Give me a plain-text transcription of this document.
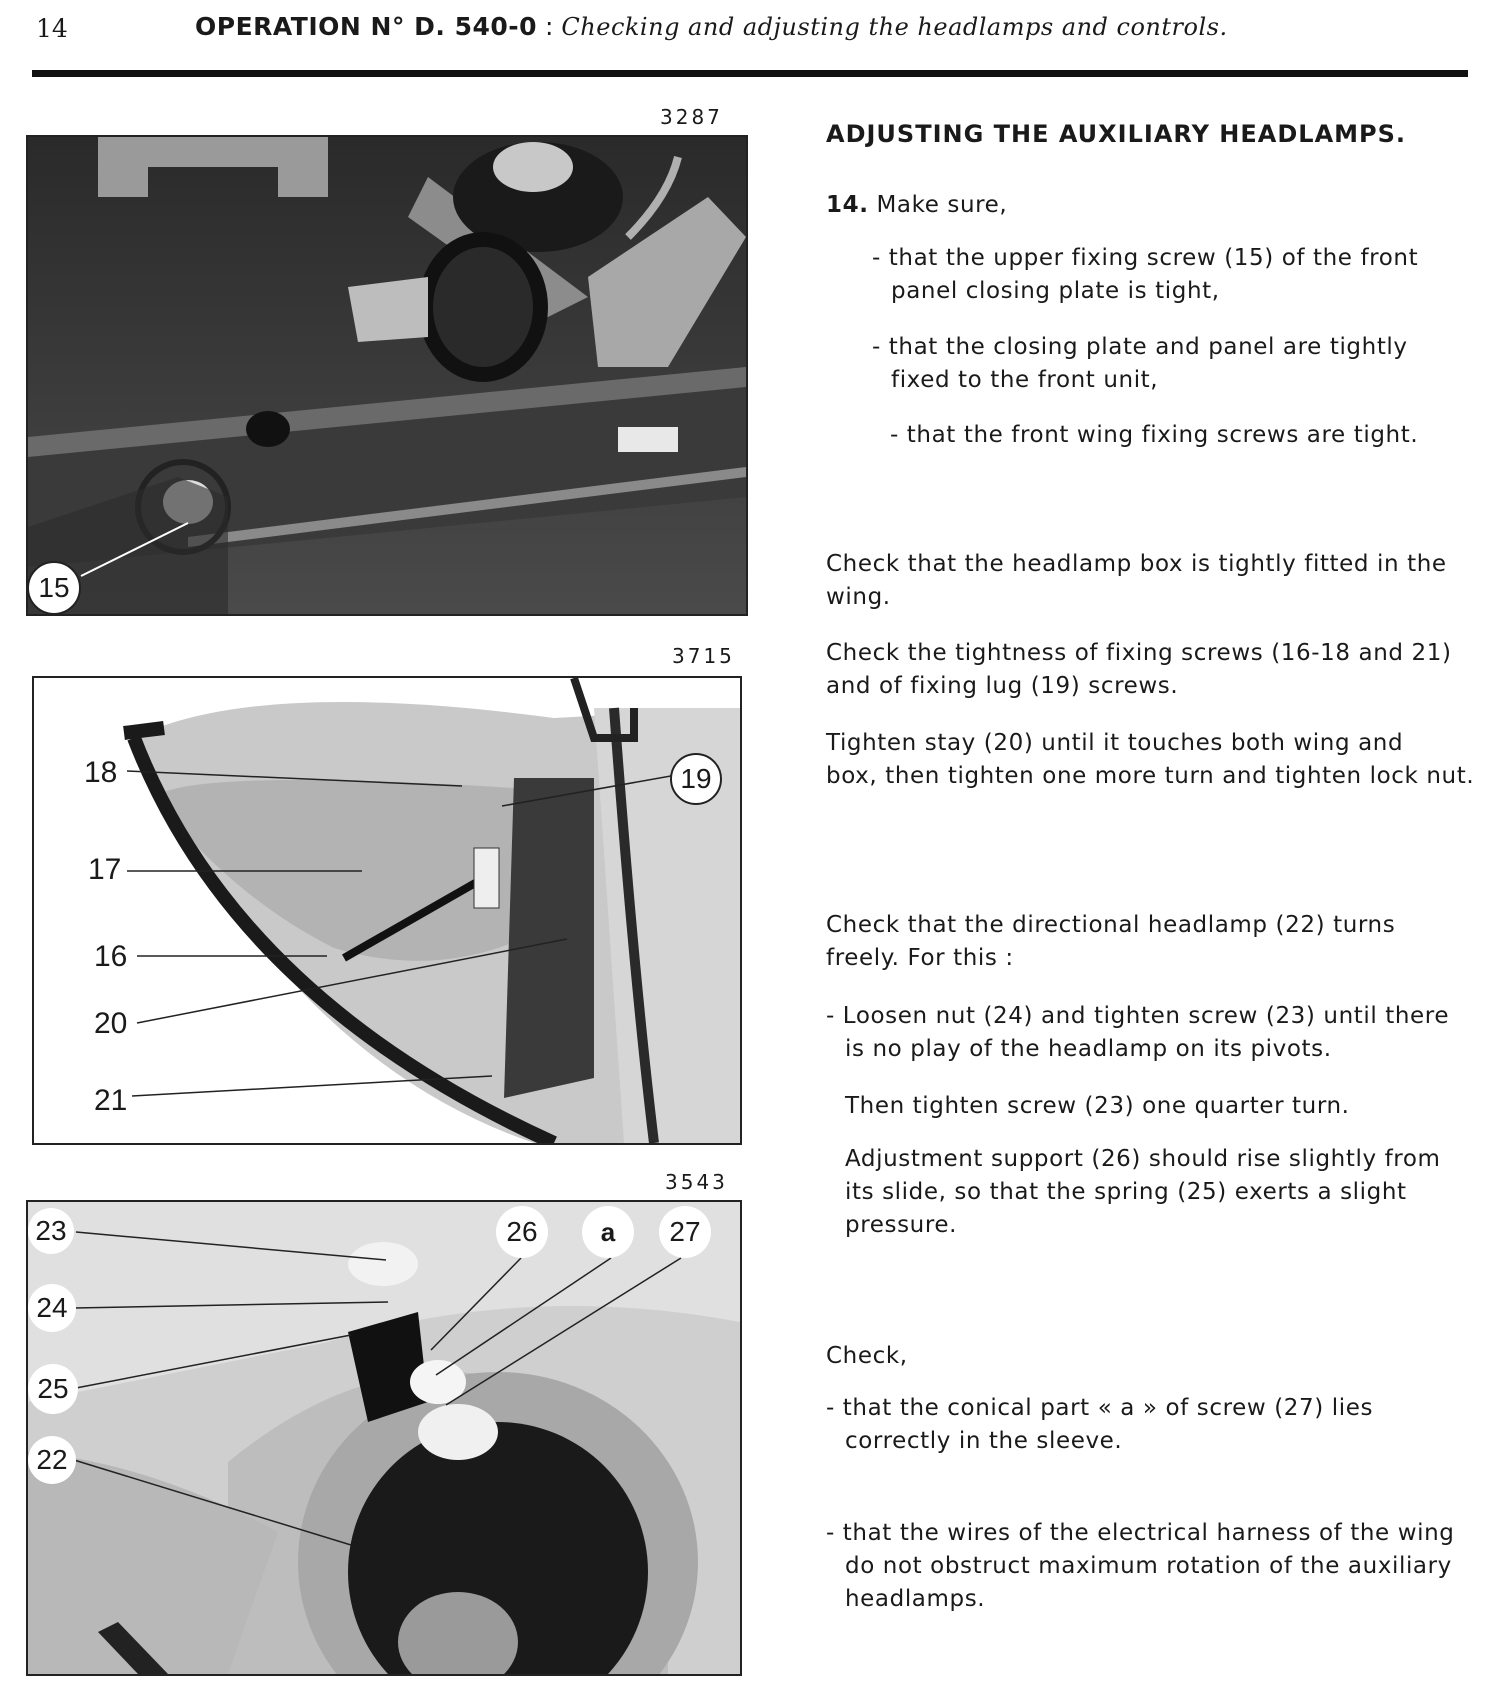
14	OPERATION N° D. 540-0 : Checking and adjusting the headlamps and controls.
3287
15
3715
18	19
17
16
20
21
3543
23	26	a	27
24
25
22
ADJUSTING THE AUXILIARY HEADLAMPS.
14. Make sure,
- that the upper fixing screw (15) of the front
panel closing plate is tight,
- that the closing plate and panel are tightly
fixed to the front unit,
- that the front wing fixing screws are tight.
Check that the headlamp box is tightly fitted in the
wing.
Check the tightness of fixing screws (16-18 and 21)
and of fixing lug (19) screws.
Tighten stay (20) until it touches both wing and
box, then tighten one more turn and tighten lock nut.
Check that the directional headlamp (22) turns
freely. For this :
- Loosen nut (24) and tighten screw (23) until there
is no play of the headlamp on its pivots.
Then tighten screw (23) one quarter turn.
Adjustment support (26) should rise slightly from
its slide, so that the spring (25) exerts a slight
pressure.
Check,
- that the conical part « a » of screw (27) lies
correctly in the sleeve.
- that the wires of the electrical harness of the wing
do not obstruct maximum rotation of the auxiliary
headlamps.
